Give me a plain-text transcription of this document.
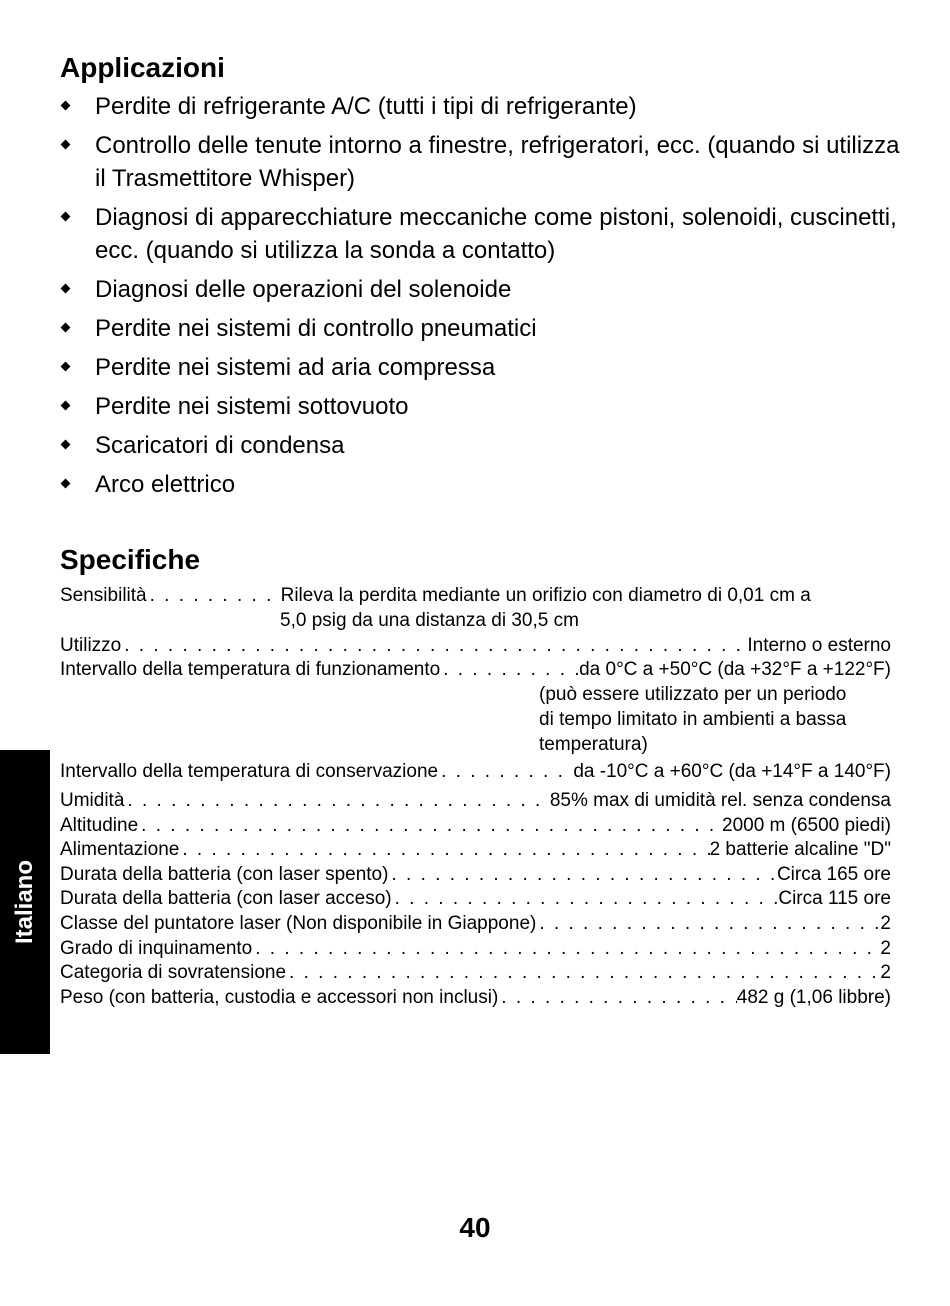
Applicazioni
Perdite di refrigerante A/C (tutti i tipi di refrigerante)
Controllo delle tenute intorno a finestre, refrigeratori, ecc. (quando si utilizza il Trasmettitore Whisper)
Diagnosi di apparecchiature meccaniche come pistoni, solenoidi, cuscinetti, ecc. (quando si utilizza la sonda a contatto)
Diagnosi delle operazioni del solenoide
Perdite nei sistemi di controllo pneumatici
Perdite nei sistemi ad aria compressa
Perdite nei sistemi sottovuoto
Scaricatori di condensa
Arco elettrico
Specifiche
Sensibilità . . .	Rileva la perdita mediante un orifizio con diametro di 0,01 cm a
5,0 psig da una distanza di 30,5 cm
Utilizzo . . .	Interno o esterno
Intervallo della temperatura di funzionamento . . .	da 0°C a +50°C (da +32°F a +122°F)
(può essere utilizzato per un periodo
di tempo limitato in ambienti a bassa
temperatura)
Intervallo della temperatura di conservazione . . .	da -10°C a +60°C (da +14°F a 140°F)
Umidità . . .	85% max di umidità rel. senza condensa
Altitudine . . .	2000 m (6500 piedi)
Alimentazione . . .	2 batterie alcaline "D"
Durata della batteria (con laser spento) . . .	Circa 165 ore
Durata della batteria (con laser acceso) . . .	Circa 115 ore
Classe del puntatore laser (Non disponibile in Giappone) . . .	2
Grado di inquinamento . . .	2
Categoria di sovratensione . . .	2
Peso (con batteria, custodia e accessori non inclusi) . . .	482 g (1,06 libbre)
Italiano
40
